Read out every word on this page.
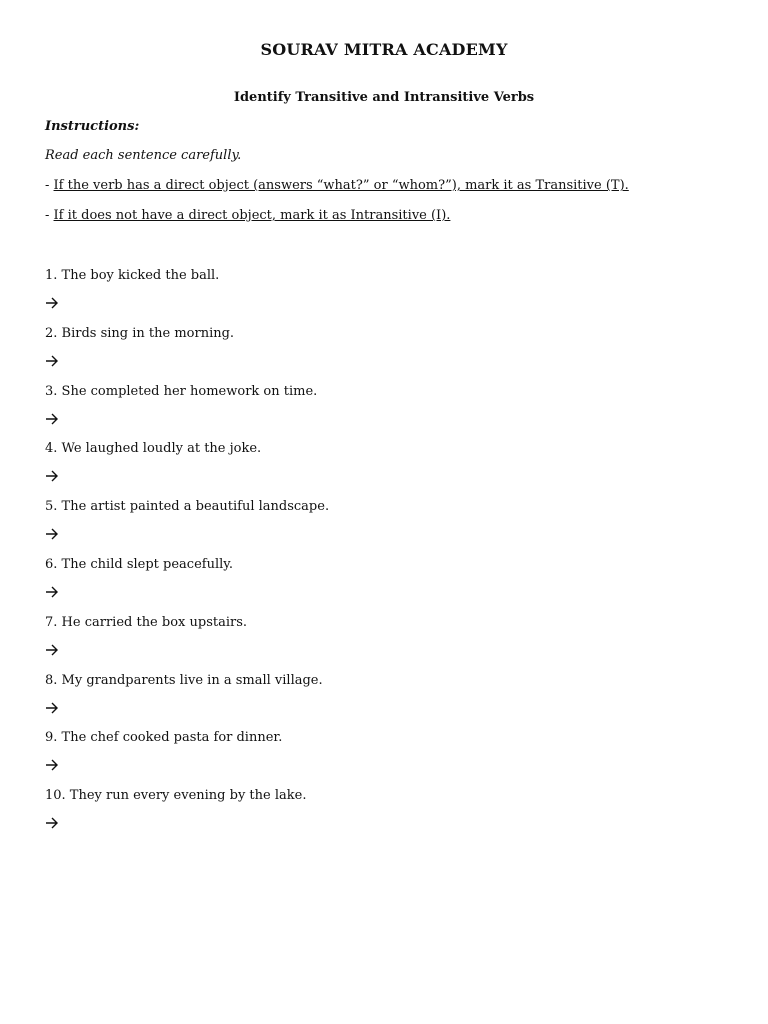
SOURAV MITRA ACADEMY
Identify Transitive and Intransitive Verbs
Instructions:
Read each sentence carefully.
- If the verb has a direct object (answers “what?” or “whom?”), mark it as Transitive (T).
- If it does not have a direct object, mark it as Intransitive (I).
1. The boy kicked the ball.
2. Birds sing in the morning.
3. She completed her homework on time.
4. We laughed loudly at the joke.
5. The artist painted a beautiful landscape.
6. The child slept peacefully.
7. He carried the box upstairs.
8. My grandparents live in a small village.
9. The chef cooked pasta for dinner.
10. They run every evening by the lake.
